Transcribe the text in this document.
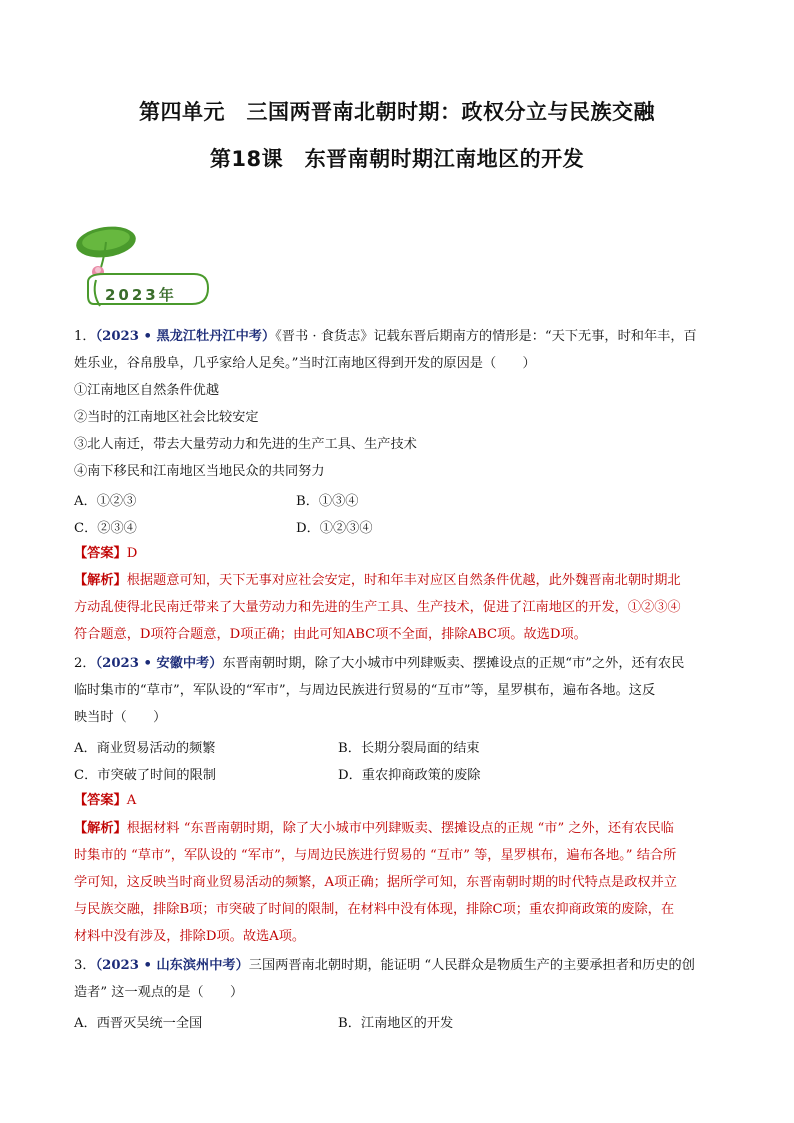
第四单元　三国两晋南北朝时期：政权分立与民族交融
第18课　东晋南朝时期江南地区的开发
2023年
1．（2023 • 黑龙江牡丹江中考）《晋书 · 食货志》记载东晋后期南方的情形是：“天下无事，时和年丰，百
姓乐业，谷帛殷阜，几乎家给人足矣。”当时江南地区得到开发的原因是（　　）
①江南地区自然条件优越
②当时的江南地区社会比较安定
③北人南迁，带去大量劳动力和先进的生产工具、生产技术
④南下移民和江南地区当地民众的共同努力
A．①②③	B．①③④
C．②③④	D．①②③④
【答案】D
【解析】根据题意可知，天下无事对应社会安定，时和年丰对应区自然条件优越，此外魏晋南北朝时期北
方动乱使得北民南迁带来了大量劳动力和先进的生产工具、生产技术，促进了江南地区的开发，①②③④
符合题意，D项符合题意，D项正确；由此可知ABC项不全面，排除ABC项。故选D项。
2．（2023 • 安徽中考）东晋南朝时期，除了大小城市中列肆贩卖、摆摊设点的正规“市”之外，还有农民
临时集市的“草市”，军队设的“军市”，与周边民族进行贸易的“互市”等，星罗棋布，遍布各地。这反
映当时（　　）
A．商业贸易活动的频繁	B．长期分裂局面的结束
C．市突破了时间的限制	D．重农抑商政策的废除
【答案】A
【解析】根据材料 “东晋南朝时期，除了大小城市中列肆贩卖、摆摊设点的正规 “市” 之外，还有农民临
时集市的 “草市”，军队设的 “军市”，与周边民族进行贸易的 “互市” 等，星罗棋布，遍布各地。” 结合所
学可知，这反映当时商业贸易活动的频繁，A项正确；据所学可知，东晋南朝时期的时代特点是政权并立
与民族交融，排除B项；市突破了时间的限制，在材料中没有体现，排除C项；重农抑商政策的废除，在
材料中没有涉及，排除D项。故选A项。
3．（2023 • 山东滨州中考）三国两晋南北朝时期，能证明 “人民群众是物质生产的主要承担者和历史的创
造者” 这一观点的是（　　）
A．西晋灭吴统一全国	B．江南地区的开发
